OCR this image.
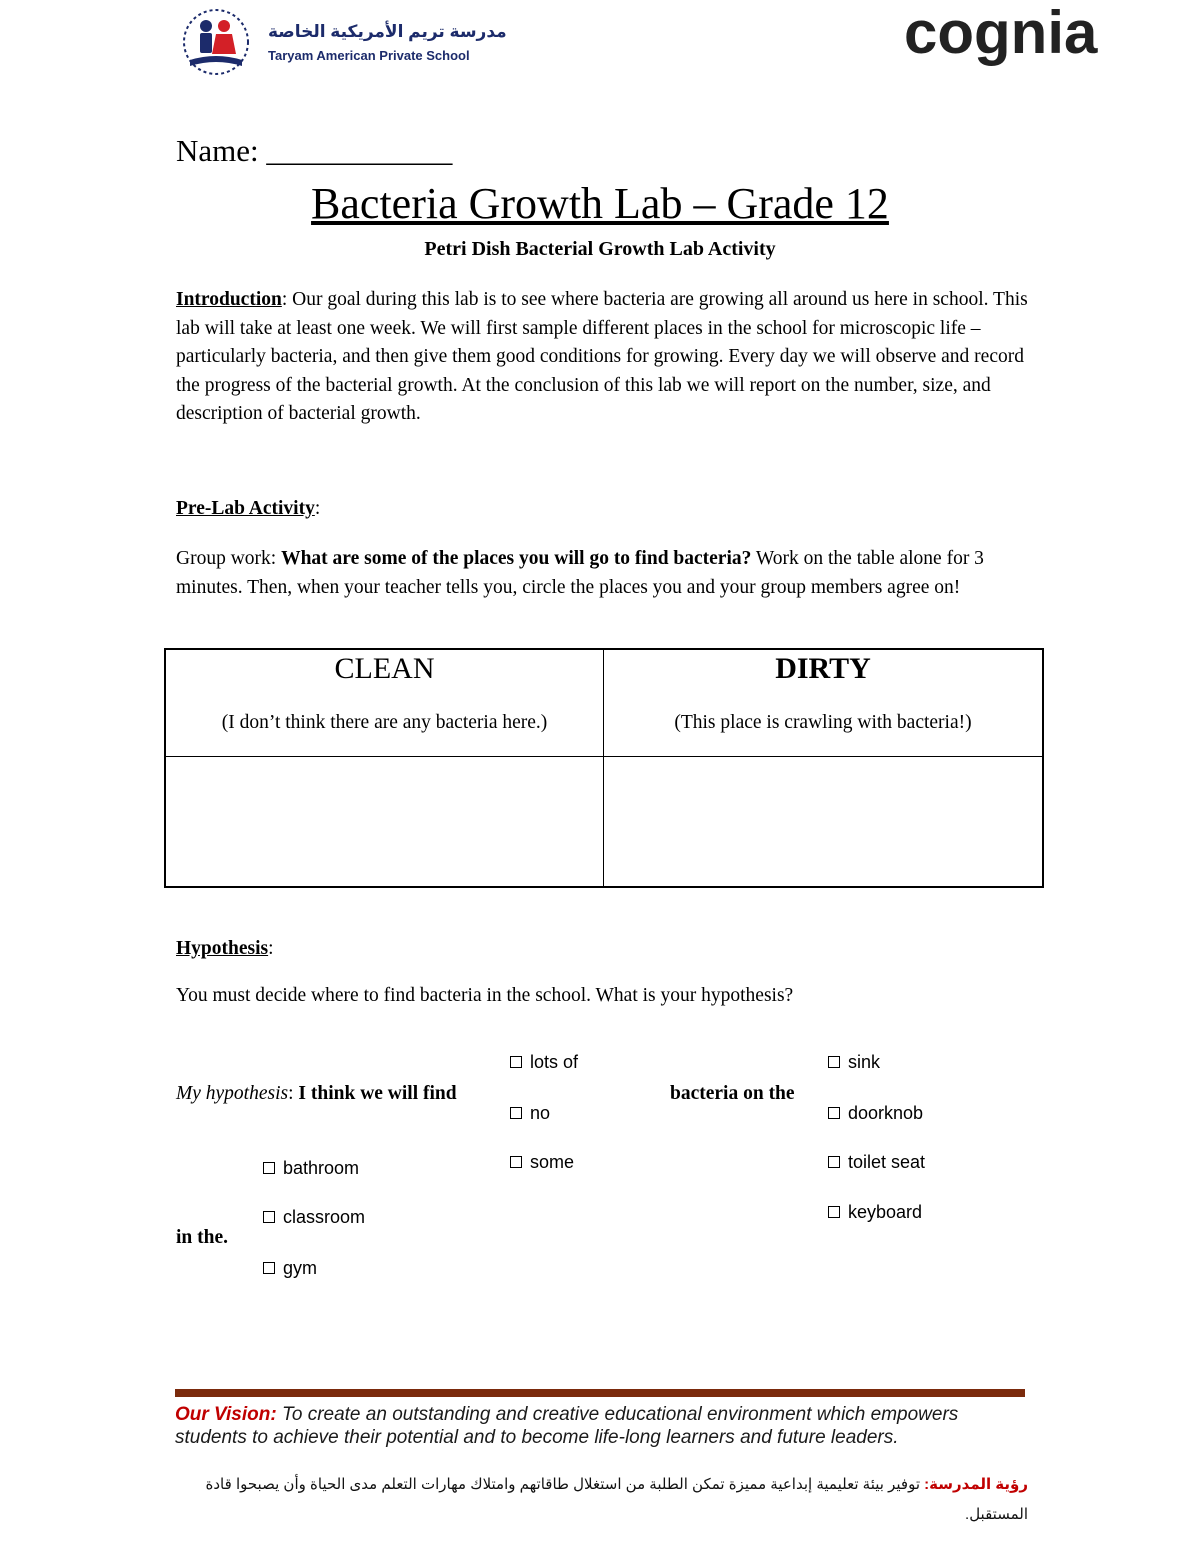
مدرسة تريم الأمريكية الخاصة
Taryam American Private School	cognia
Name: ____________
Bacteria Growth Lab – Grade 12
Petri Dish Bacterial Growth Lab Activity
Introduction: Our goal during this lab is to see where bacteria are growing all around us here in school. This lab will take at least one week. We will first sample different places in the school for microscopic life – particularly bacteria, and then give them good conditions for growing. Every day we will observe and record the progress of the bacterial growth. At the conclusion of this lab we will report on the number, size, and description of bacterial growth.
Pre-Lab Activity:
Group work: What are some of the places you will go to find bacteria? Work on the table alone for 3 minutes. Then, when your teacher tells you, circle the places you and your group members agree on!
CLEAN
(I don’t think there are any bacteria here.)
DIRTY
(This place is crawling with bacteria!)
Hypothesis:
You must decide where to find bacteria in the school. What is your hypothesis?
My hypothesis: I think we will find	bacteria on the
in the.
lots of
no
some
sink
doorknob
toilet seat
keyboard
bathroom
classroom
gym
Our Vision: To create an outstanding and creative educational environment which empowers students to achieve their potential and to become life-long learners and future leaders.
رؤية المدرسة: توفير بيئة تعليمية إبداعية مميزة تمكن الطلبة من استغلال طاقاتهم وامتلاك مهارات التعلم مدى الحياة وأن يصبحوا قادة المستقبل.
